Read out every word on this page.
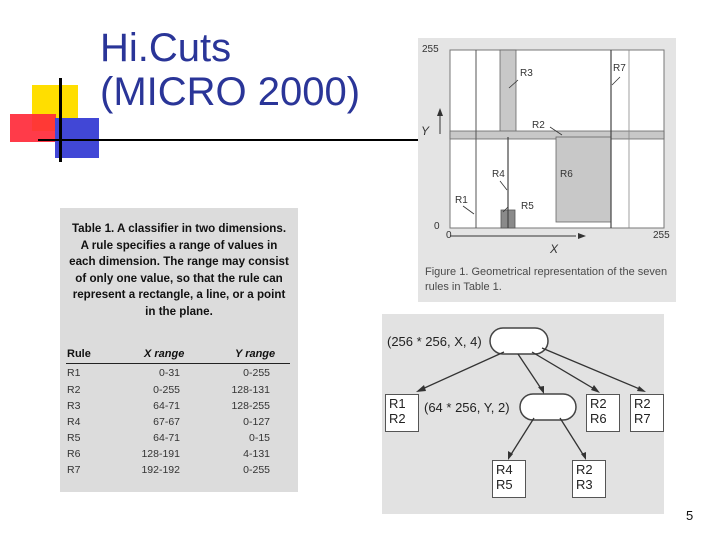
Hi.Cuts
(MICRO 2000)
Table 1. A classifier in two dimensions. A rule specifies a range of values in each dimension. The range may consist of only one value, so that the rule can represent a rectangle, a line, or a point in the plane.
Rule	X range	Y range
R1	0-31	0-255
R2	0-255	128-131
R3	64-71	128-255
R4	67-67	0-127
R5	64-71	0-15
R6	128-191	4-131
R7	192-192	0-255
255
0
0	255
Y
X
R3	R7
R2
R6
R4
R1
R5
Figure 1. Geometrical representation of the seven rules in Table 1.
(256 * 256, X, 4)
(64 * 256, Y, 2)
R1
R2
R2
R6
R2
R7
R4
R5
R2
R3
5
